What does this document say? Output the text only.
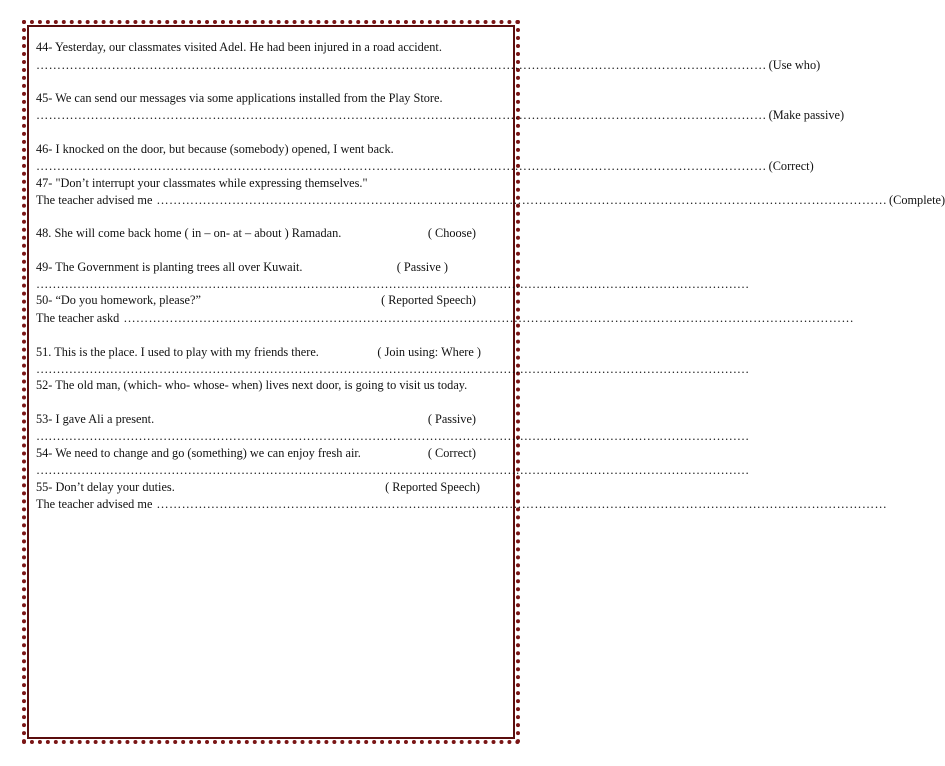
44- Yesterday, our classmates visited Adel. He had been injured in a road accident.
………………………………………………………………………………………………………………………………………………………… (Use who)
45- We can send our messages via some applications installed from the Play Store.
………………………………………………………………………………………………………………………………………………………… (Make passive)
46- I knocked on the door, but because (somebody) opened, I went back.
………………………………………………………………………………………………………………………………………………………… (Correct)
47- "Don’t interrupt your classmates while expressing themselves."
The teacher advised me ………………………………………………………………………………………………………………………………………………………… (Complete)
48. She will come back home ( in – on- at – about ) Ramadan.	( Choose)
49- The Government is planting trees all over Kuwait.	( Passive )
…………………………………………………………………………………………………………………………………………………………
50- “Do you homework, please?”	( Reported Speech)
The teacher askd …………………………………………………………………………………………………………………………………………………………
51. This is the place. I used to play with my friends there.	( Join using: Where )
…………………………………………………………………………………………………………………………………………………………
52- The old man, (which- who- whose- when) lives next door, is going to visit us today.
53- I gave Ali a present.	( Passive)
…………………………………………………………………………………………………………………………………………………………
54- We need to change and go (something) we can enjoy fresh air.	( Correct)
…………………………………………………………………………………………………………………………………………………………
55- Don’t delay your duties.	( Reported Speech)
The teacher advised me …………………………………………………………………………………………………………………………………………………………
